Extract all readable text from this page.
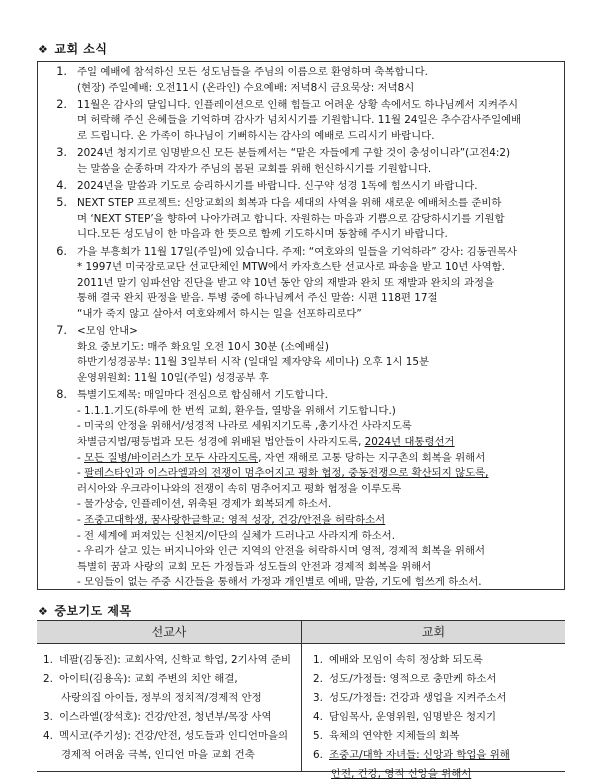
❖ 교회 소식
1. 주일 예배에 참석하신 모든 성도님들을 주님의 이름으로 환영하며 축복합니다.
(현장) 주일예배: 오전11시 (온라인) 수요예배: 저녁8시 금요묵상: 저녁8시
2. 11월은 감사의 달입니다. 인플레이션으로 인해 힘들고 어려운 상황 속에서도 하나님께서 지켜주시
며 허락해 주신 은혜들을 기억하며 감사가 넘치시기를 기원합니다. 11월 24일은 추수감사주일예배
로 드립니다. 온 가족이 하나님이 기뻐하시는 감사의 예배로 드리시기 바랍니다.
3. 2024년 청지기로 임명받으신 모든 분들께서는 “맡은 자들에게 구할 것이 충성이니라”(고전4:2)
는 말씀을 순종하며 각자가 주님의 몸된 교회를 위해 헌신하시기를 기원합니다.
4. 2024년을 말씀과 기도로 승리하시기를 바랍니다. 신구약 성경 1독에 힘쓰시기 바랍니다.
5. NEXT STEP 프로젝트: 신앙교회의 회복과 다음 세대의 사역을 위해 새로운 예배처소를 준비하
며 ‘NEXT STEP’을 향하여 나아가려고 합니다. 자원하는 마음과 기쁨으로 감당하시기를 기원합
니다.모든 성도님이 한 마음과 한 뜻으로 함께 기도하시며 동참해 주시기 바랍니다.
6. 가을 부흥회가 11월 17일(주일)에 있습니다. 주제: “여호와의 일들을 기억하라” 강사: 김동권목사
* 1997년 미국장로교단 선교단체인 MTW에서 카자흐스탄 선교사로 파송을 받고 10년 사역함.
2011년 말기 임파선암 진단을 받고 약 10년 동안 암의 재발과 완치 또 재발과 완치의 과정을
통해 결국 완치 판정을 받음. 투병 중에 하나님께서 주신 말씀: 시편 118편 17절
“내가 죽지 않고 살아서 여호와께서 하시는 일을 선포하리로다”
7. <모임 안내>
화요 중보기도: 매주 화요일 오전 10시 30분 (소예배실)
하반기성경공부: 11월 3일부터 시작 (일대일 제자양육 세미나) 오후 1시 15분
운영위원회: 11월 10일(주일) 성경공부 후
8. 특별기도제목: 매일마다 전심으로 합심해서 기도합니다.
- 1.1.1.기도(하루에 한 번씩 교회, 환우들, 열방을 위해서 기도합니다.)
- 미국의 안정을 위해서/성경적 나라로 세워지기도록 ,총기사건 사라지도록
차별금지법/평등법과 모든 성경에 위배된 법안들이 사라지도록, 2024년 대통령선거
- 모든 질병/바이러스가 모두 사라지도록, 자연 재해로 고통 당하는 지구촌의 회복을 위해서
- 팔레스타인과 이스라엘과의 전쟁이 멈추어지고 평화 협정, 중동전쟁으로 확산되지 않도록,
러시아와 우크라이나와의 전쟁이 속히 멈추어지고 평화 협정을 이루도록
- 물가상승, 인플레이션, 위축된 경제가 회복되게 하소서.
- 조중고대학생, 꿈사랑한글학교: 영적 성장, 건강/안전을 허락하소서
- 전 세계에 퍼져있는 신천지/이단의 실체가 드러나고 사라지게 하소서.
- 우리가 살고 있는 버지니아와 인근 지역의 안전을 허락하시며 영적, 경제적 회복을 위해서
특별히 꿈과 사랑의 교회 모든 가정들과 성도들의 안전과 경제적 회복을 위해서
- 모임들이 없는 주중 시간들을 통해서 가정과 개인별로 예배, 말씀, 기도에 힘쓰게 하소서.
❖ 중보기도 제목
선교사	교회
1. 네팔(김동진): 교회사역, 신학교 학업, 2기사역 준비
2. 아이티(김용옥): 교회 주변의 치안 해결,
사랑의집 아이들, 정부의 정치적/경제적 안정
3. 이스라엘(장석호): 건강/안전, 청년부/목장 사역
4. 멕시코(주기성): 건강/안전, 성도들과 인디언마을의
경제적 어려움 극복, 인디언 마을 교회 건축
1. 예배와 모임이 속히 정상화 되도록
2. 성도/가정들: 영적으로 충만케 하소서
3. 성도/가정들: 건강과 생업을 지켜주소서
4. 담임목사, 운영위원, 임명받은 청지기
5. 육체의 연약한 지체들의 회복
6. 조중고/대학 자녀들: 신앙과 학업을 위해
안전, 건강, 영적 신앙을 위해서
